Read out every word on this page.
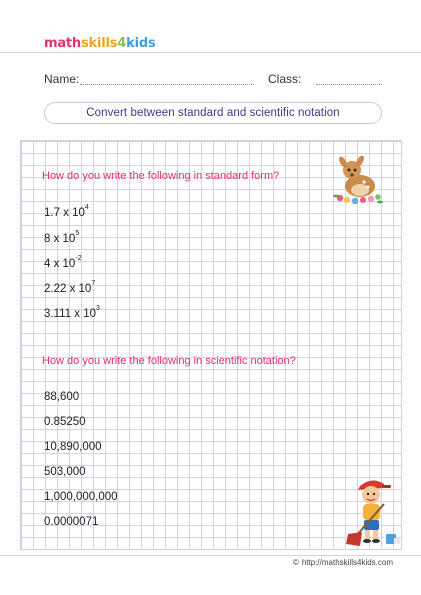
mathskills4kids
Name:	Class:
Convert between standard and scientific notation
How do you write the following in standard form?
1.7 x $10^4$
8 x $10^5$
4 x $10^{-2}$
2.22 x $10^7$
3.111 x $10^3$
How do you write the following in scientific notation?
88,600
0.85250
10,890,000
503,000
1,000,000,000
0.0000071
© http://mathskills4kids.com
